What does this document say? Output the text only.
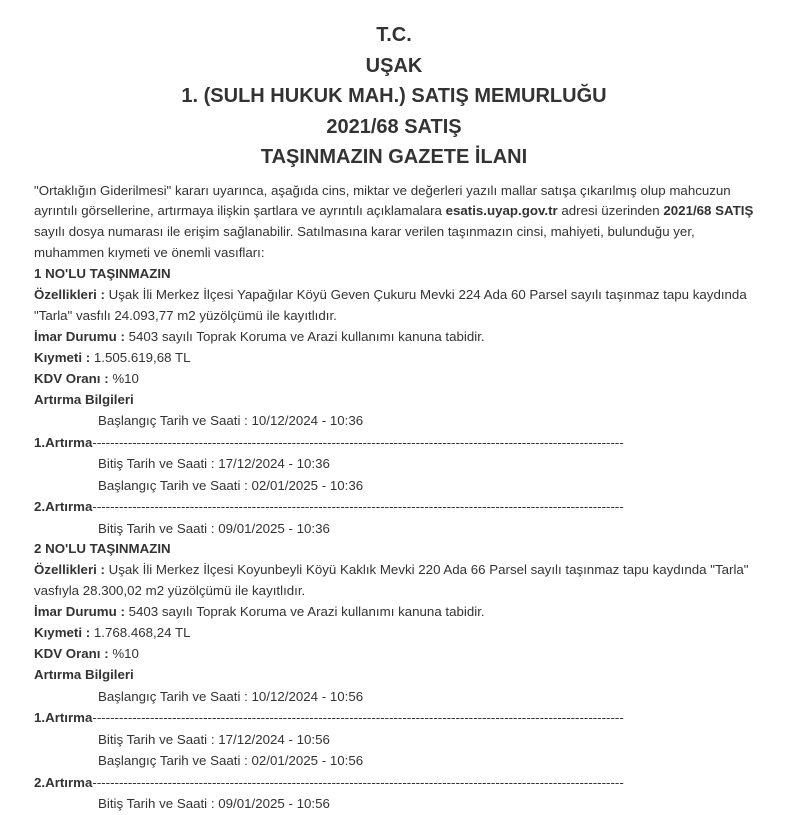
T.C.
UŞAK
1. (SULH HUKUK MAH.) SATIŞ MEMURLUĞU
2021/68 SATIŞ
TAŞINMAZIN GAZETE İLANI

"Ortaklığın Giderilmesi" kararı uyarınca, aşağıda cins, miktar ve değerleri yazılı mallar satışa çıkarılmış olup mahcuzun ayrıntılı görsellerine, artırmaya ilişkin şartlara ve ayrıntılı açıklamalara esatis.uyap.gov.tr adresi üzerinden 2021/68 SATIŞ sayılı dosya numarası ile erişim sağlanabilir. Satılmasına karar verilen taşınmazın cinsi, mahiyeti, bulunduğu yer, muhammen kıymeti ve önemli vasıfları:

1 NO'LU TAŞINMAZIN

Özellikleri : Uşak İli Merkez İlçesi Yapağılar Köyü Geven Çukuru Mevki 224 Ada 60 Parsel sayılı taşınmaz tapu kaydında "Tarla" vasfılı 24.093,77 m2 yüzölçümü ile kayıtlıdır.

İmar Durumu : 5403 sayılı Toprak Koruma ve Arazi kullanımı kanuna tabidir.

Kıymeti : 1.505.619,68 TL

KDV Oranı : %10

Artırma Bilgileri

Başlangıç Tarih ve Saati : 10/12/2024 - 10:36
1.Artırma------------------------------------------------------------------------------------------------------------------------
Bitiş Tarih ve Saati : 17/12/2024 - 10:36
Başlangıç Tarih ve Saati : 02/01/2025 - 10:36
2.Artırma------------------------------------------------------------------------------------------------------------------------
Bitiş Tarih ve Saati : 09/01/2025 - 10:36

2 NO'LU TAŞINMAZIN

Özellikleri : Uşak İli Merkez İlçesi Koyunbeyli Köyü Kaklık Mevki 220 Ada 66 Parsel sayılı taşınmaz tapu kaydında "Tarla" vasfıyla 28.300,02 m2 yüzölçümü ile kayıtlıdır.

İmar Durumu : 5403 sayılı Toprak Koruma ve Arazi kullanımı kanuna tabidir.

Kıymeti : 1.768.468,24 TL

KDV Oranı : %10

Artırma Bilgileri

Başlangıç Tarih ve Saati : 10/12/2024 - 10:56
1.Artırma------------------------------------------------------------------------------------------------------------------------
Bitiş Tarih ve Saati : 17/12/2024 - 10:56
Başlangıç Tarih ve Saati : 02/01/2025 - 10:56
2.Artırma------------------------------------------------------------------------------------------------------------------------
Bitiş Tarih ve Saati : 09/01/2025 - 10:56
